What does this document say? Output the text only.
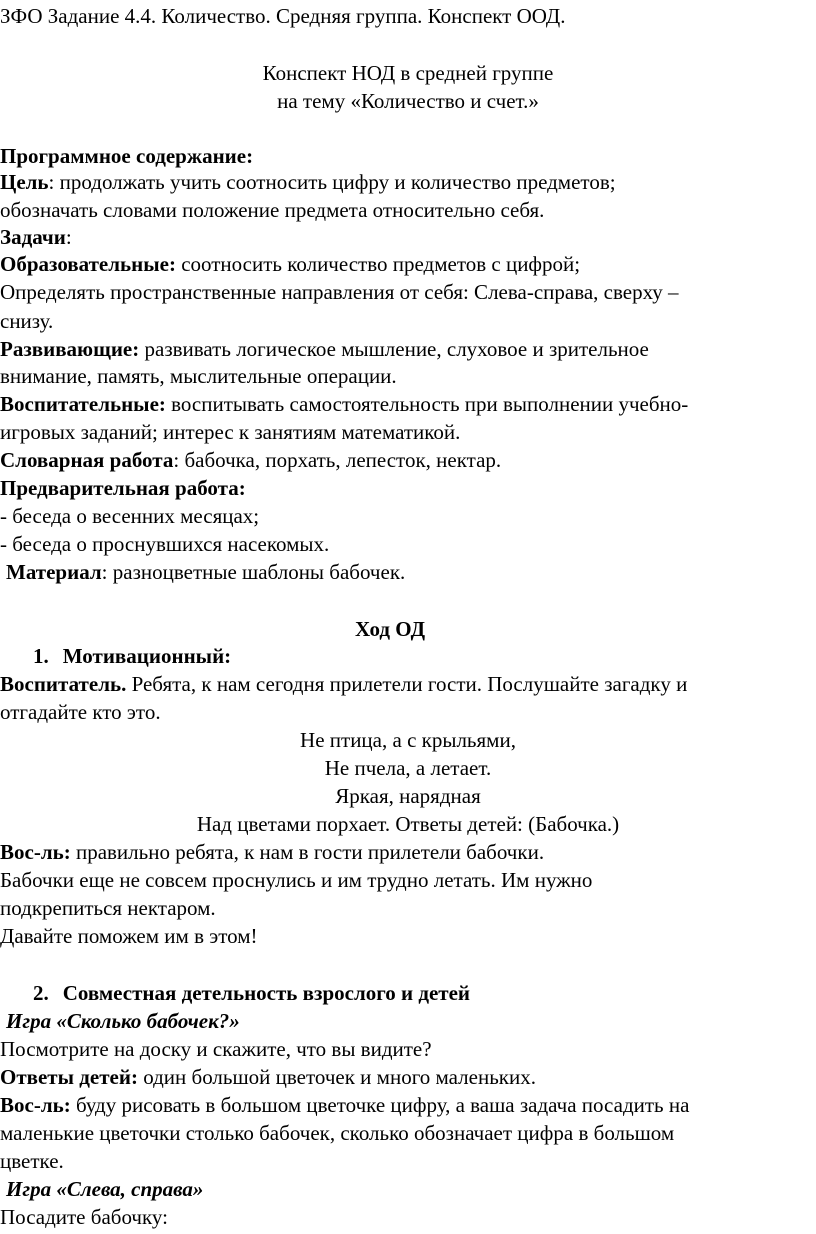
ЗФО Задание 4.4. Количество. Средняя группа. Конспект ООД.
Конспект НОД в средней группе
на тему «Количество и счет.»
Программное содержание:
Цель: продолжать учить соотносить цифру и количество предметов;
обозначать словами положение предмета относительно себя.
Задачи:
Образовательные: соотносить количество предметов с цифрой;
Определять пространственные направления от себя: Слева-справа, сверху –
снизу.
Развивающие: развивать логическое мышление, слуховое и зрительное
внимание, память, мыслительные операции.
Воспитательные: воспитывать самостоятельность при выполнении учебно-
игровых заданий; интерес к занятиям математикой.
Словарная работа: бабочка, порхать, лепесток, нектар.
Предварительная работа:
- беседа о весенних месяцах;
- беседа о проснувшихся насекомых.
Материал: разноцветные шаблоны бабочек.
Ход ОД
1. Мотивационный:
Воспитатель. Ребята, к нам сегодня прилетели гости. Послушайте загадку и
отгадайте кто это.
Не птица, а с крыльями,
Не пчела, а летает.
Яркая, нарядная
Над цветами порхает. Ответы детей: (Бабочка.)
Вос-ль: правильно ребята, к нам в гости прилетели бабочки.
Бабочки еще не совсем проснулись и им трудно летать. Им нужно
подкрепиться нектаром.
Давайте поможем им в этом!
2. Совместная детельность взрослого и детей
Игра «Сколько бабочек?»
Посмотрите на доску и скажите, что вы видите?
Ответы детей: один большой цветочек и много маленьких.
Вос-ль: буду рисовать в большом цветочке цифру, а ваша задача посадить на
маленькие цветочки столько бабочек, сколько обозначает цифра в большом
цветке.
Игра «Слева, справа»
Посадите бабочку:
